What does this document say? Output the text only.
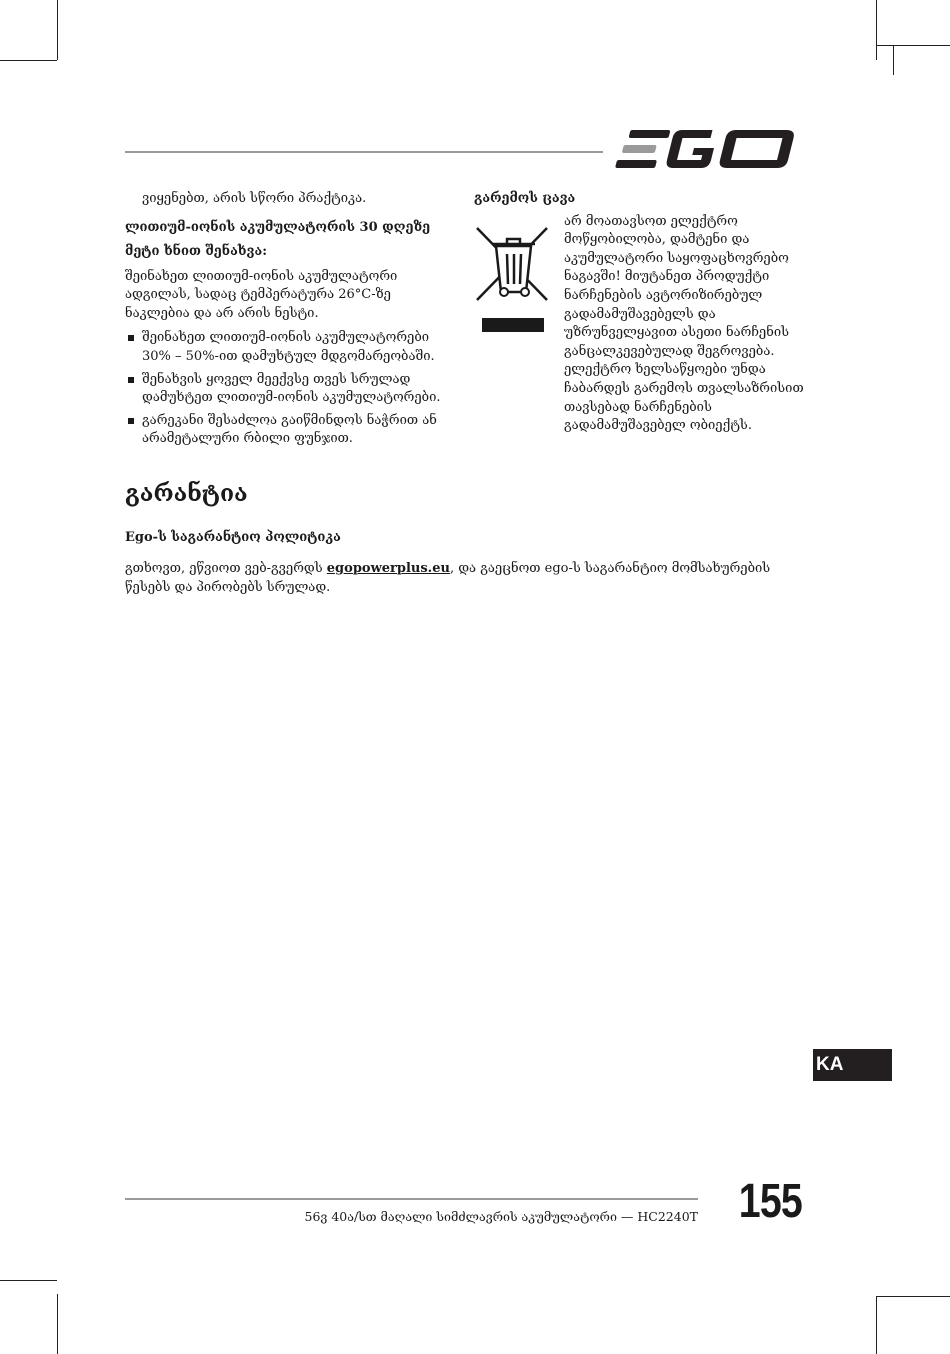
ვიყენებთ, არის სწორი პრაქტიკა.

ლითიუმ-იონის აკუმულატორის 30 დღეზე მეტი ხნით შენახვა:

შეინახეთ ლითიუმ-იონის აკუმულატორი ადგილას, სადაც ტემპერატურა 26°C-ზე ნაკლებია და არ არის ნესტი.

შეინახეთ ლითიუმ-იონის აკუმულატორები 30% – 50%-ით დამუხტულ მდგომარეობაში.
შენახვის ყოველ მეექვსე თვეს სრულად დამუხტეთ ლითიუმ-იონის აკუმულატორები.
გარეკანი შესაძლოა გაიწმინდოს ნაჭრით ან არამეტალური რბილი ფუნჯით.

გარემოს ცავა

არ მოათავსოთ ელექტრო მოწყობილობა, დამტენი და აკუმულატორი საყოფაცხოვრებო ნაგავში! მიუტანეთ პროდუქტი ნარჩენების ავტორიზირებულ გადამამუშავებელს და უზრუნველყავით ასეთი ნარჩენის განცალკევებულად შეგროვება. ელექტრო ხელსაწყოები უნდა ჩაბარდეს გარემოს თვალსაზრისით თავსებად ნარჩენების გადამამუშავებელ ობიექტს.

გარანტია
Ego-ს საგარანტიო პოლიტიკა

გთხოვთ, ეწვიოთ ვებ-გვერდს egopowerplus.eu, და გაეცნოთ ego-ს საგარანტიო მომსახურების წესებს და პირობებს სრულად.

KA
56ვ 40ა/სთ მაღალი სიმძლავრის აკუმულატორი — HC2240T 155
